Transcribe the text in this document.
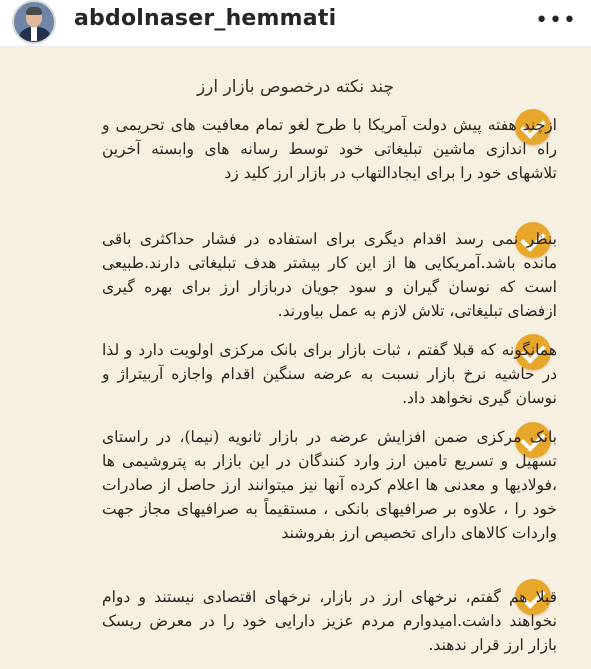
abdolnaser_hemmati	•••
چند نکته درخصوص بازار ارز
ازچند هفته پیش دولت آمریکا با طرح لغو تمام معافیت های تحریمی و راه اندازی ماشین تبلیغاتی خود توسط رسانه های وابسته آخرین تلاشهای خود را برای ایجادالتهاب در بازار ارز کلید زد
بنظر نمی رسد اقدام دیگری برای استفاده در فشار حداکثری باقی مانده باشد.آمریکایی ها از این کار بیشتر هدف تبلیغاتی دارند.طبیعی است که نوسان گیران و سود جویان دربازار ارز برای بهره گیری ازفضای تبلیغاتی، تلاش لازم به عمل بیاورند.
همانگونه که قبلا گفتم ، ثبات بازار برای بانک مرکزی اولویت دارد و لذا در حاشیه نرخ بازار نسبت به عرضه سنگین اقدام واجازه آربیتراژ و نوسان گیری نخواهد داد.
بانک مرکزی ضمن افزایش عرضه در بازار ثانویه (نیما)، در راستای تسهیل و تسریع تامین ارز وارد کنندگان در این بازار به پتروشیمی ها ،فولادیها و معدنی ها اعلام کرده آنها نیز میتوانند ارز حاصل از صادرات خود را ، علاوه بر صرافیهای بانکی ، مستقیماً به صرافیهای مجاز جهت واردات کالاهای دارای تخصیص ارز بفروشند
قبلا هم گفتم، نرخهای ارز در بازار، نرخهای اقتصادی نیستند و دوام نخواهند داشت.امیدوارم مردم عزیز دارایی خود را در معرض ریسک بازار ارز قرار ندهند.
